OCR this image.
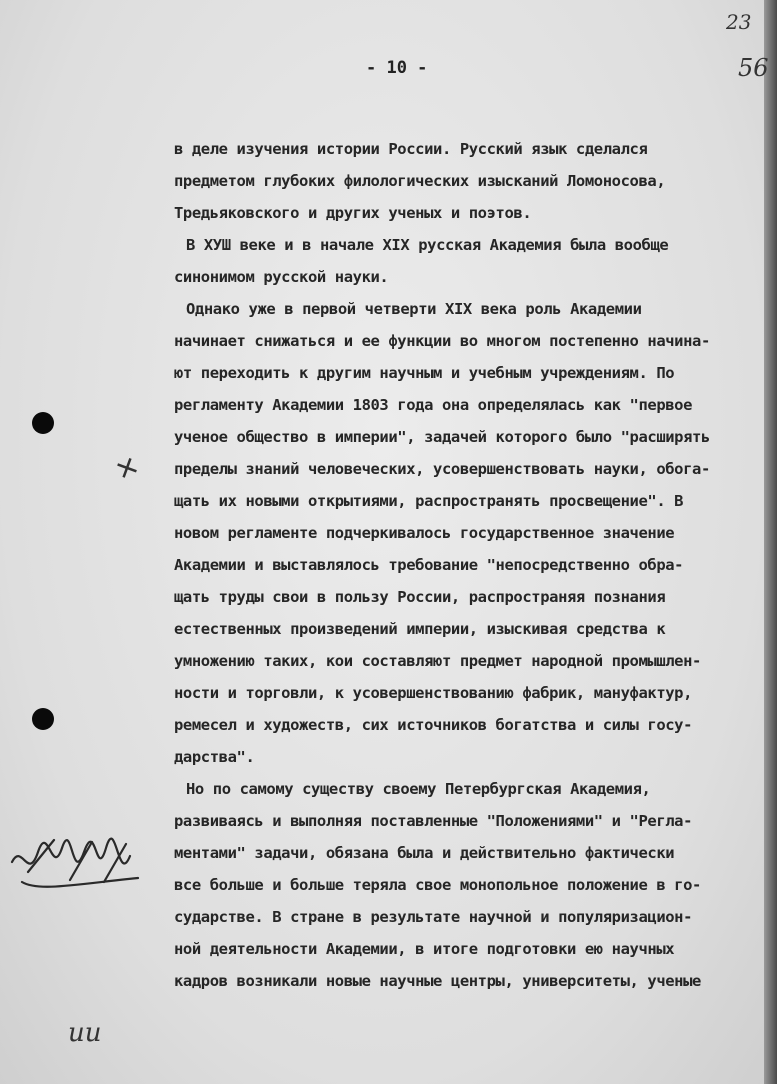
- 10 -
23
56
+
ии
в деле изучения истории России. Русский язык сделался
предметом глубоких филологических изысканий Ломоносова,
Тредьяковского и других ученых и поэтов.
В ХУШ веке и в начале XIX русская Академия была вообще
синонимом русской науки.
Однако уже в первой четверти XIX века роль Академии
начинает снижаться и ее функции во многом постепенно начина-
ют переходить к другим научным и учебным учреждениям. По
регламенту Академии 1803 года она определялась как "первое
ученое общество в империи", задачей которого было "расширять
пределы знаний человеческих, усовершенствовать науки, обога-
щать их новыми открытиями, распространять просвещение". В
новом регламенте подчеркивалось государственное значение
Академии и выставлялось требование "непосредственно обра-
щать труды свои в пользу России, распространяя познания
естественных произведений империи, изыскивая средства к
умножению таких, кои составляют предмет народной промышлен-
ности и торговли, к усовершенствованию фабрик, мануфактур,
ремесел и художеств, сих источников богатства и силы госу-
дарства".
Но по самому существу своему Петербургская Академия,
развиваясь и выполняя поставленные "Положениями" и "Регла-
ментами" задачи, обязана была и действительно фактически
все больше и больше теряла свое монопольное положение в го-
сударстве. В стране в результате научной и популяризацион-
ной деятельности Академии, в итоге подготовки ею научных
кадров возникали новые научные центры, университеты, ученые
